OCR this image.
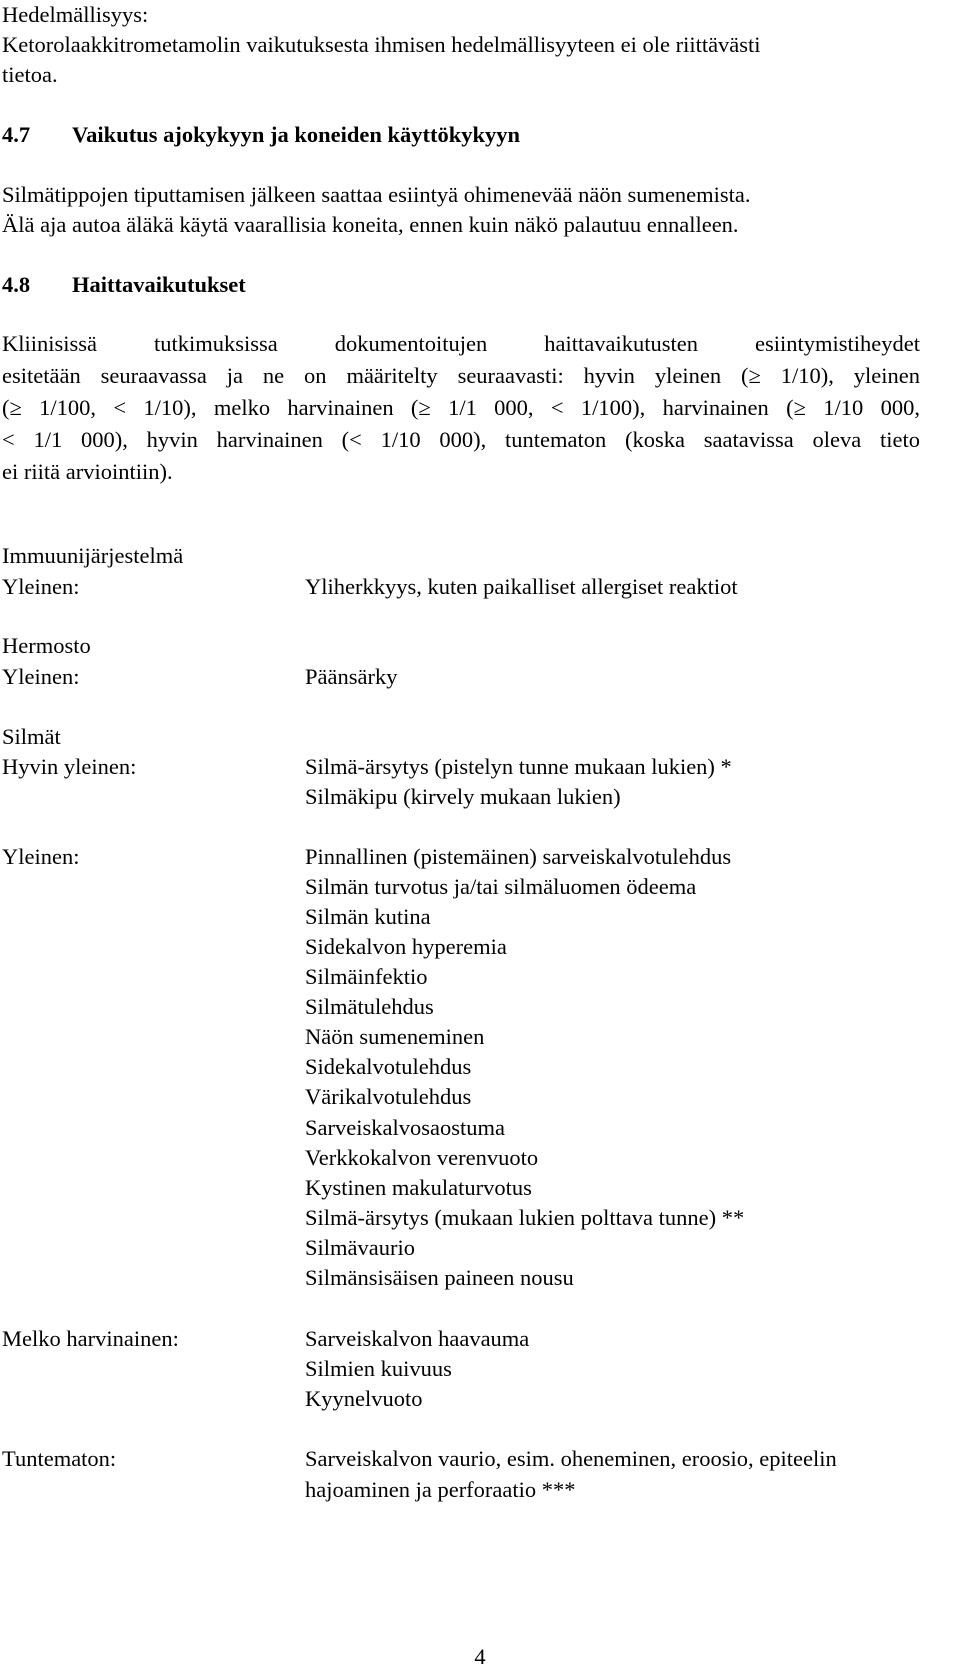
Hedelmällisyys:
Ketorolaakkitrometamolin vaikutuksesta ihmisen hedelmällisyyteen ei ole riittävästi
tietoa.
4.7 Vaikutus ajokykyyn ja koneiden käyttökykyyn
Silmätippojen tiputtamisen jälkeen saattaa esiintyä ohimenevää näön sumenemista.
Älä aja autoa äläkä käytä vaarallisia koneita, ennen kuin näkö palautuu ennalleen.
4.8 Haittavaikutukset
Kliinisissä tutkimuksissa dokumentoitujen haittavaikutusten esiintymistiheydet
esitetään seuraavassa ja ne on määritelty seuraavasti: hyvin yleinen (≥ 1/10), yleinen
(≥ 1/100, < 1/10), melko harvinainen (≥ 1/1 000, < 1/100), harvinainen (≥ 1/10 000,
< 1/1 000), hyvin harvinainen (< 1/10 000), tuntematon (koska saatavissa oleva tieto
ei riitä arviointiin).
Immuunijärjestelmä
Yleinen:	Yliherkkyys, kuten paikalliset allergiset reaktiot
Hermosto
Yleinen:	Päänsärky
Silmät
Hyvin yleinen:	Silmä-ärsytys (pistelyn tunne mukaan lukien) *
Silmäkipu (kirvely mukaan lukien)
Yleinen:	Pinnallinen (pistemäinen) sarveiskalvotulehdus
Silmän turvotus ja/tai silmäluomen ödeema
Silmän kutina
Sidekalvon hyperemia
Silmäinfektio
Silmätulehdus
Näön sumeneminen
Sidekalvotulehdus
Värikalvotulehdus
Sarveiskalvosaostuma
Verkkokalvon verenvuoto
Kystinen makulaturvotus
Silmä-ärsytys (mukaan lukien polttava tunne) **
Silmävaurio
Silmänsisäisen paineen nousu
Melko harvinainen:	Sarveiskalvon haavauma
Silmien kuivuus
Kyynelvuoto
Tuntematon:	Sarveiskalvon vaurio, esim. oheneminen, eroosio, epiteelin
hajoaminen ja perforaatio ***
4
